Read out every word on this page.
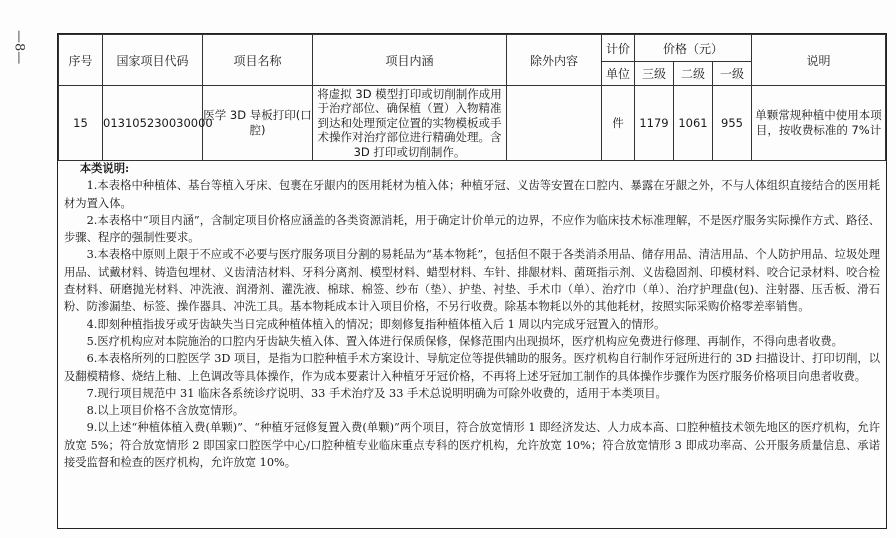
—8—	序号	国家项目代码	项目名称	项目内涵	除外内容	计价	价格（元）			说明
					单位	三级	二级	一级	
15	013105230030000	医学 3D 导板打印(口腔)	将虚拟 3D 模型打印或切削制作成用于治疗部位、确保植（置）入物精准到达和处理预定位置的实物模板或手术操作对治疗部位进行精确处理。含 3D 打印或切削制作。		件	1179	1061	955	单颗常规种植中使用本项目，按收费标准的 7%计

本类说明:

1.本表格中种植体、基台等植入牙床、包裹在牙龈内的医用耗材为植入体；种植牙冠、义齿等安置在口腔内、暴露在牙龈之外，不与人体组织直接结合的医用耗材为置入体。

2.本表格中“项目内涵”，含制定项目价格应涵盖的各类资源消耗，用于确定计价单元的边界，不应作为临床技术标准理解，不是医疗服务实际操作方式、路径、步骤、程序的强制性要求。

3.本表格中原则上限于不应或不必要与医疗服务项目分割的易耗品为“基本物耗”，包括但不限于各类消杀用品、储存用品、清洁用品、个人防护用品、垃圾处理用品、试戴材料、铸造包埋材、义齿清洁材料、牙科分离剂、模型材料、蜡型材料、车针、排龈材料、菌斑指示剂、义齿稳固剂、印模材料、咬合记录材料、咬合检查材料、研磨抛光材料、冲洗液、润滑剂、灌洗液、棉球、棉签、纱布（垫）、护垫、衬垫、手术巾（单）、治疗巾（单）、治疗护理盘(包)、注射器、压舌板、滑石粉、防渗漏垫、标签、操作器具、冲洗工具。基本物耗成本计入项目价格，不另行收费。除基本物耗以外的其他耗材，按照实际采购价格零差率销售。

4.即刻种植指拔牙或牙齿缺失当日完成种植体植入的情况；即刻修复指种植体植入后 1 周以内完成牙冠置入的情形。

5.医疗机构应对本院施治的口腔内牙齿缺失植入体、置入体进行保质保修，保修范围内出现损坏，医疗机构应免费进行修理、再制作，不得向患者收费。

6.本表格所列的口腔医学 3D 项目，是指为口腔种植手术方案设计、导航定位等提供辅助的服务。医疗机构自行制作牙冠所进行的 3D 扫描设计、打印切削，以及翻模精修、烧结上釉、上色调改等具体操作，作为成本要素计入种植牙牙冠价格，不再将上述牙冠加工制作的具体操作步骤作为医疗服务价格项目向患者收费。

7.现行项目规范中 31 临床各系统诊疗说明、33 手术治疗及 33 手术总说明明确为可除外收费的，适用于本类项目。

8.以上项目价格不含放宽情形。

9.以上述“种植体植入费(单颗)”、“种植牙冠修复置入费(单颗)”两个项目，符合放宽情形 1 即经济发达、人力成本高、口腔种植技术领先地区的医疗机构，允许放宽 5%；符合放宽情形 2 即国家口腔医学中心/口腔种植专业临床重点专科的医疗机构，允许放宽 10%；符合放宽情形 3 即成功率高、公开服务质量信息、承诺接受监督和检查的医疗机构，允许放宽 10%。
